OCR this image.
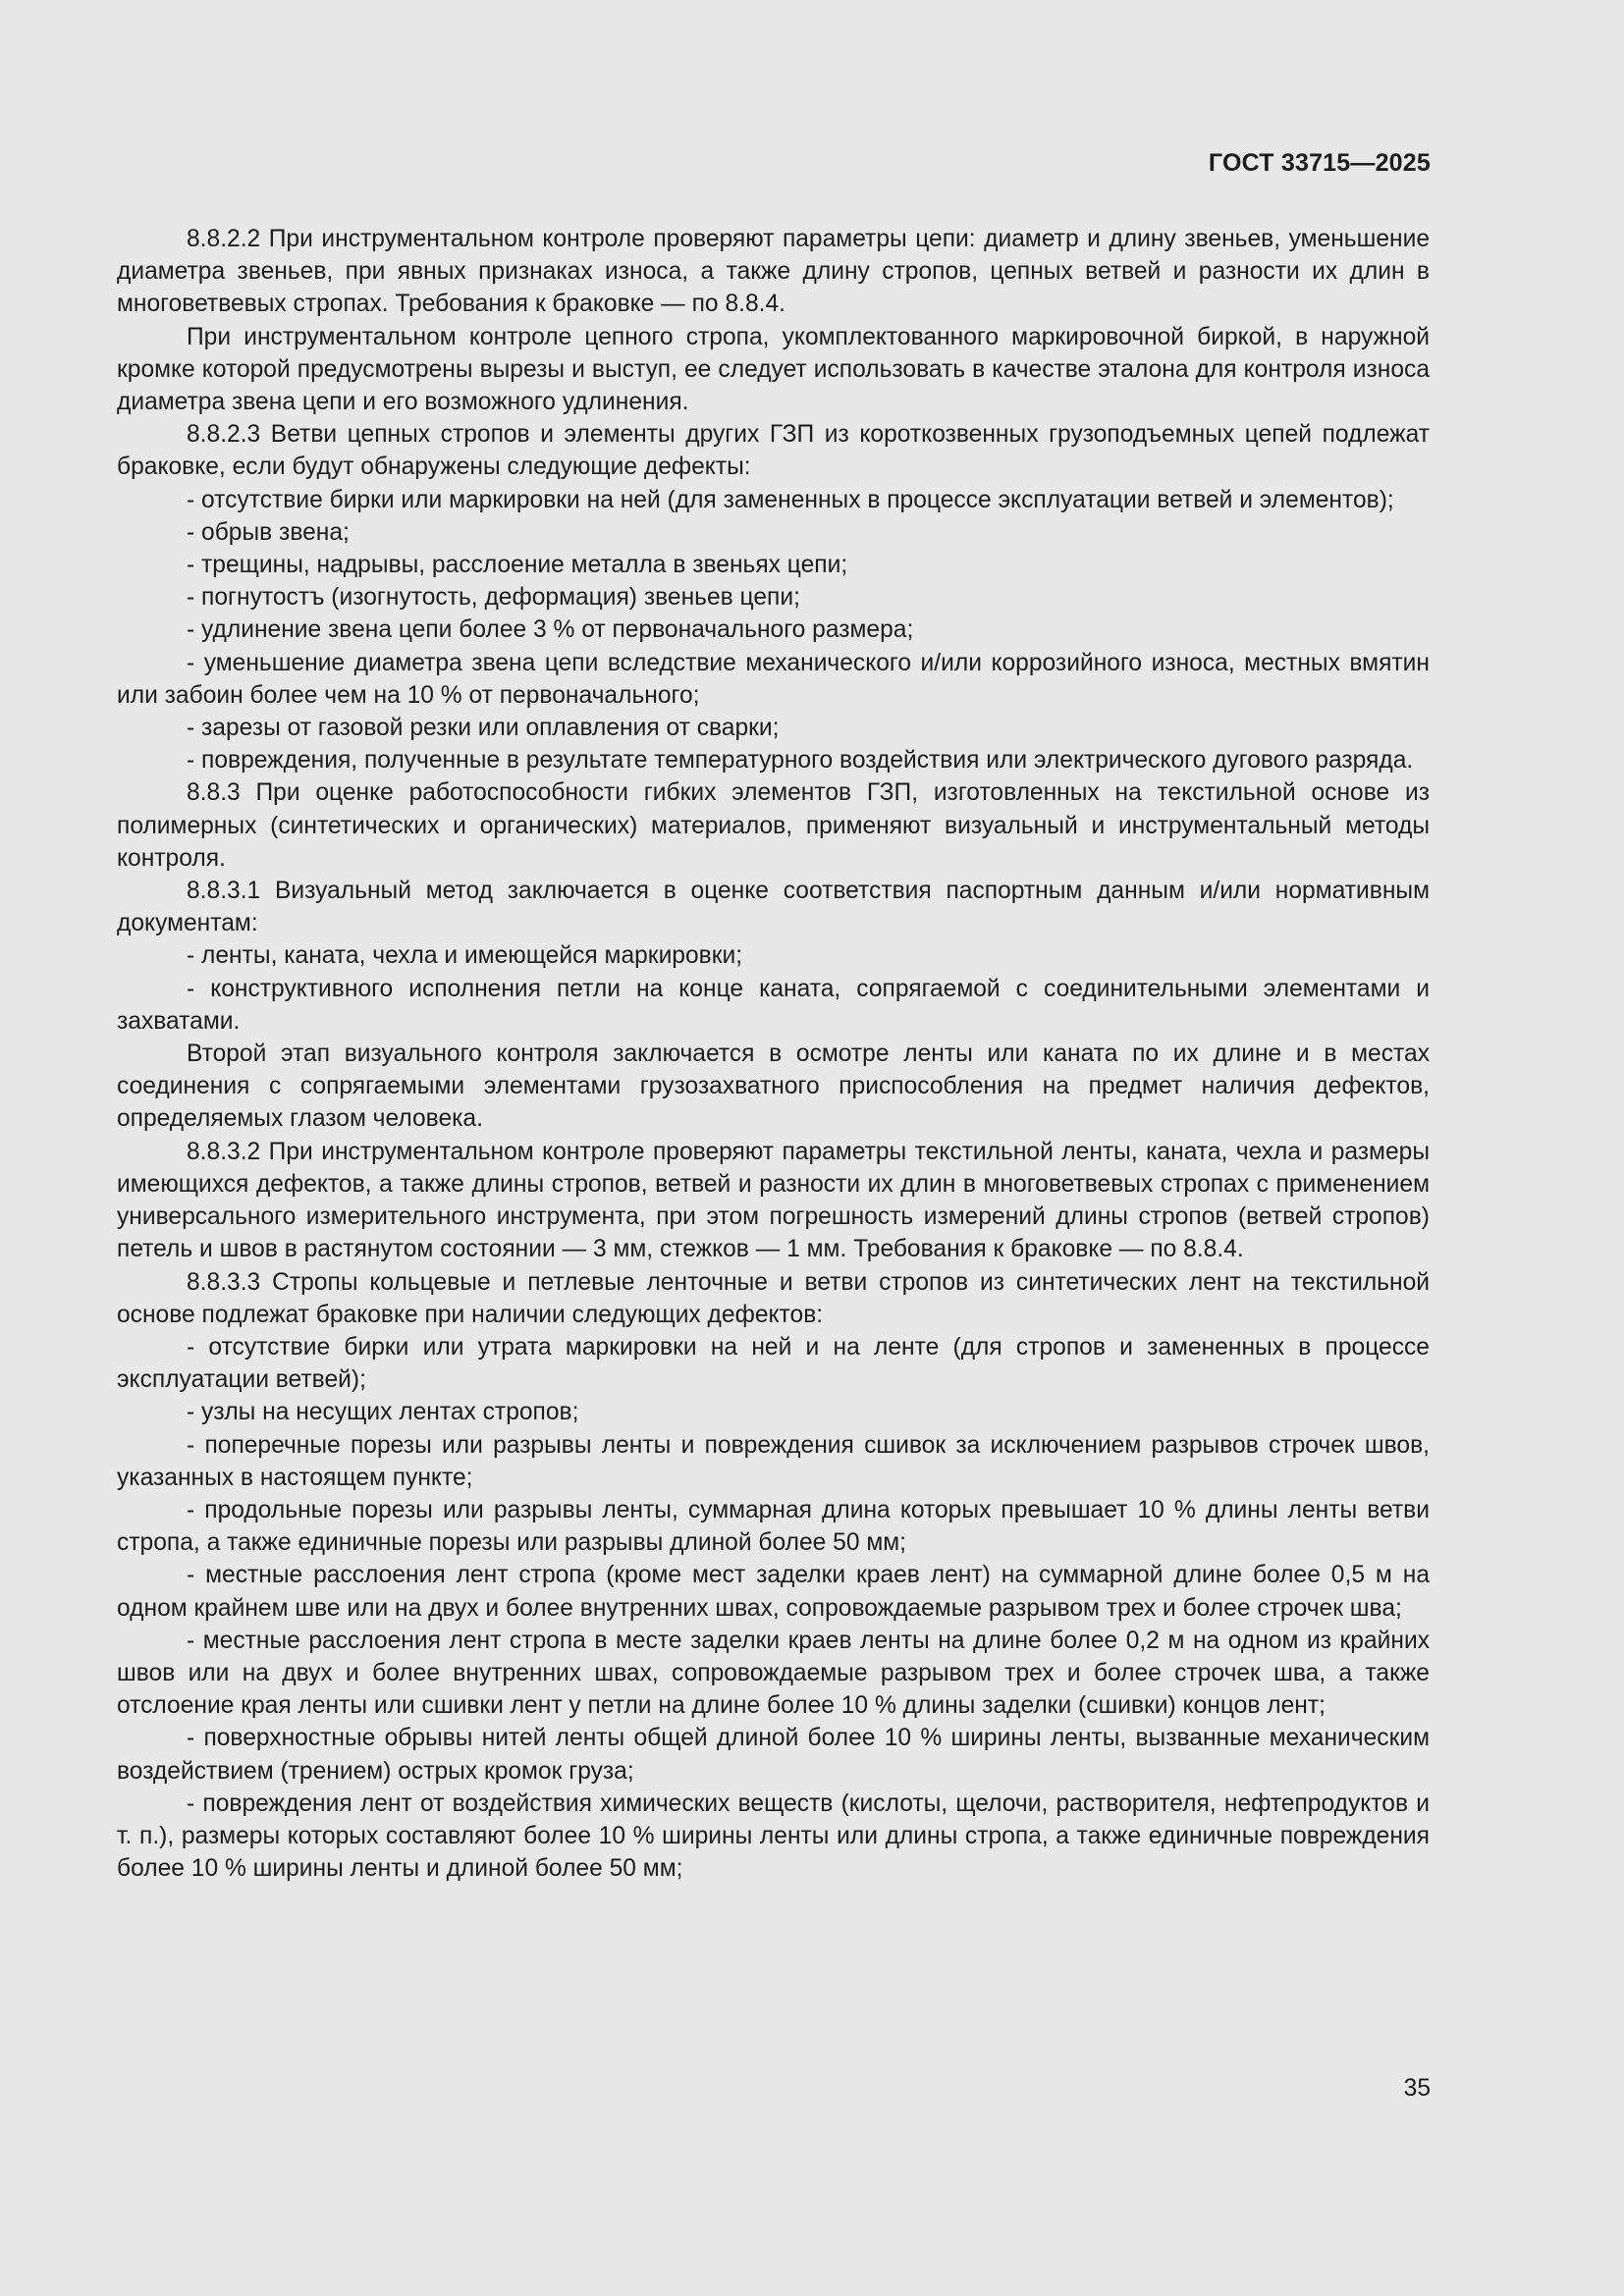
ГОСТ 33715—2025

8.8.2.2 При инструментальном контроле проверяют параметры цепи: диаметр и длину звеньев, уменьшение диаметра звеньев, при явных признаках износа, а также длину стропов, цепных ветвей и разности их длин в многоветвевых стропах. Требования к браковке — по 8.8.4.

При инструментальном контроле цепного стропа, укомплектованного маркировочной биркой, в наружной кромке которой предусмотрены вырезы и выступ, ее следует использовать в качестве эталона для контроля износа диаметра звена цепи и его возможного удлинения.

8.8.2.3 Ветви цепных стропов и элементы других ГЗП из короткозвенных грузоподъемных цепей подлежат браковке, если будут обнаружены следующие дефекты:

- отсутствие бирки или маркировки на ней (для замененных в процессе эксплуатации ветвей и элементов);

- обрыв звена;

- трещины, надрывы, расслоение металла в звеньях цепи;

- погнутостъ (изогнутость, деформация) звеньев цепи;

- удлинение звена цепи более 3 % от первоначального размера;

- уменьшение диаметра звена цепи вследствие механического и/или коррозийного износа, местных вмятин или забоин более чем на 10 % от первоначального;

- зарезы от газовой резки или оплавления от сварки;

- повреждения, полученные в результате температурного воздействия или электрического дугового разряда.

8.8.3 При оценке работоспособности гибких элементов ГЗП, изготовленных на текстильной основе из полимерных (синтетических и органических) материалов, применяют визуальный и инструментальный методы контроля.

8.8.3.1 Визуальный метод заключается в оценке соответствия паспортным данным и/или нормативным документам:

- ленты, каната, чехла и имеющейся маркировки;

- конструктивного исполнения петли на конце каната, сопрягаемой с соединительными элементами и захватами.

Второй этап визуального контроля заключается в осмотре ленты или каната по их длине и в местах соединения с сопрягаемыми элементами грузозахватного приспособления на предмет наличия дефектов, определяемых глазом человека.

8.8.3.2 При инструментальном контроле проверяют параметры текстильной ленты, каната, чехла и размеры имеющихся дефектов, а также длины стропов, ветвей и разности их длин в многоветвевых стропах с применением универсального измерительного инструмента, при этом погрешность измерений длины стропов (ветвей стропов) петель и швов в растянутом состоянии — 3 мм, стежков — 1 мм. Требования к браковке — по 8.8.4.

8.8.3.3 Стропы кольцевые и петлевые ленточные и ветви стропов из синтетических лент на текстильной основе подлежат браковке при наличии следующих дефектов:

- отсутствие бирки или утрата маркировки на ней и на ленте (для стропов и замененных в процессе эксплуатации ветвей);

- узлы на несущих лентах стропов;

- поперечные порезы или разрывы ленты и повреждения сшивок за исключением разрывов строчек швов, указанных в настоящем пункте;

- продольные порезы или разрывы ленты, суммарная длина которых превышает 10 % длины ленты ветви стропа, а также единичные порезы или разрывы длиной более 50 мм;

- местные расслоения лент стропа (кроме мест заделки краев лент) на суммарной длине более 0,5 м на одном крайнем шве или на двух и более внутренних швах, сопровождаемые разрывом трех и более строчек шва;

- местные расслоения лент стропа в месте заделки краев ленты на длине более 0,2 м на одном из крайних швов или на двух и более внутренних швах, сопровождаемые разрывом трех и более строчек шва, а также отслоение края ленты или сшивки лент у петли на длине более 10 % длины заделки (сшивки) концов лент;

- поверхностные обрывы нитей ленты общей длиной более 10 % ширины ленты, вызванные механическим воздействием (трением) острых кромок груза;

- повреждения лент от воздействия химических веществ (кислоты, щелочи, растворителя, нефтепродуктов и т. п.), размеры которых составляют более 10 % ширины ленты или длины стропа, а также единичные повреждения более 10 % ширины ленты и длиной более 50 мм;

35
